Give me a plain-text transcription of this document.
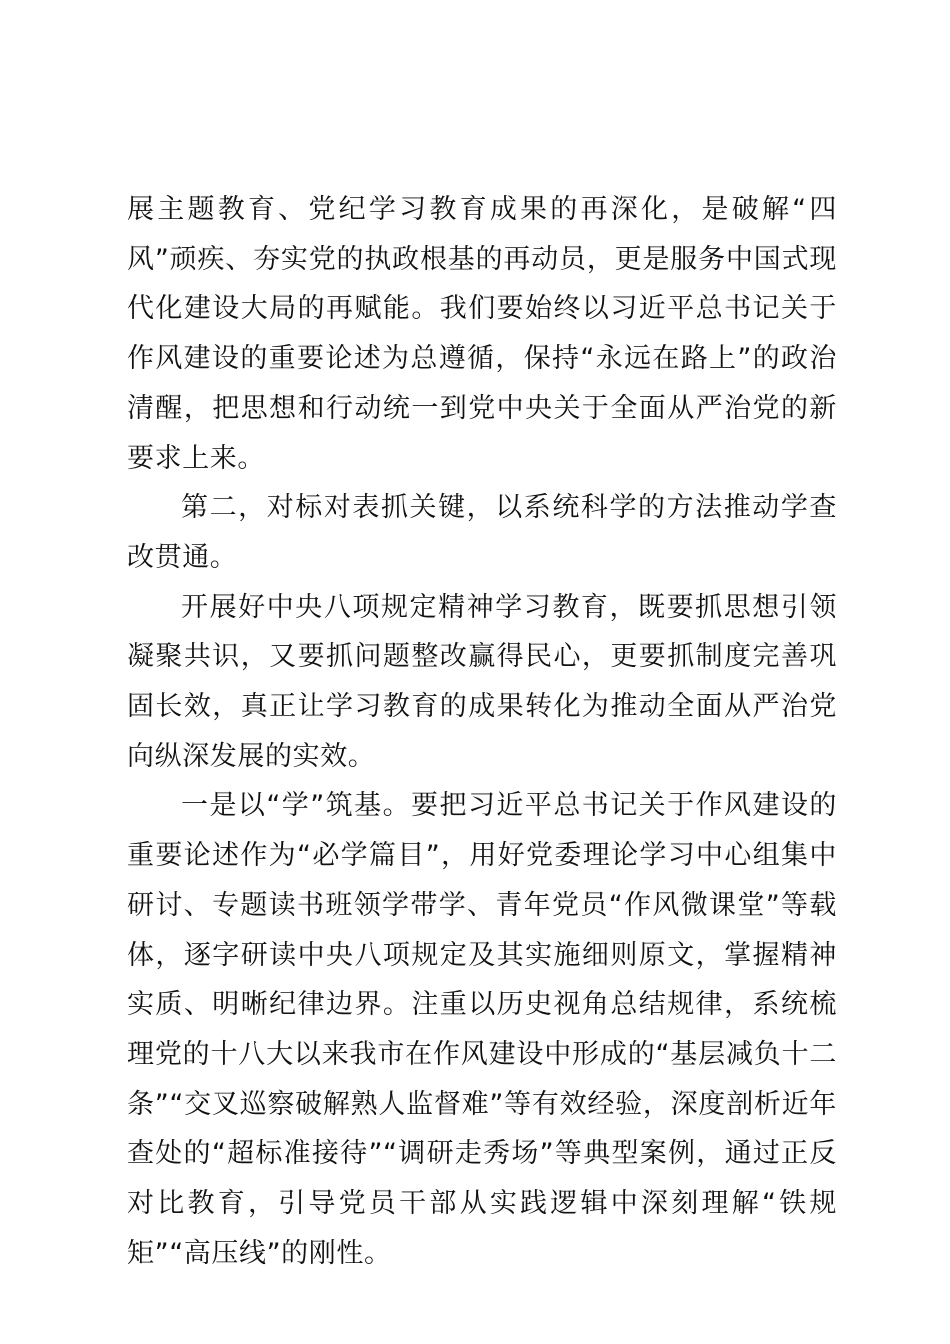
展主题教育、党纪学习教育成果的再深化，是破解“四风”顽疾、夯实党的执政根基的再动员，更是服务中国式现代化建设大局的再赋能。我们要始终以习近平总书记关于作风建设的重要论述为总遵循，保持“永远在路上”的政治清醒，把思想和行动统一到党中央关于全面从严治党的新要求上来。

第二，对标对表抓关键，以系统科学的方法推动学查改贯通。

开展好中央八项规定精神学习教育，既要抓思想引领凝聚共识，又要抓问题整改赢得民心，更要抓制度完善巩固长效，真正让学习教育的成果转化为推动全面从严治党向纵深发展的实效。

一是以“学”筑基。要把习近平总书记关于作风建设的重要论述作为“必学篇目”，用好党委理论学习中心组集中研讨、专题读书班领学带学、青年党员“作风微课堂”等载体，逐字研读中央八项规定及其实施细则原文，掌握精神实质、明晰纪律边界。注重以历史视角总结规律，系统梳理党的十八大以来我市在作风建设中形成的“基层减负十二条”“交叉巡察破解熟人监督难”等有效经验，深度剖析近年查处的“超标准接待”“调研走秀场”等典型案例，通过正反对比教育，引导党员干部从实践逻辑中深刻理解“铁规矩”“高压线”的刚性。
